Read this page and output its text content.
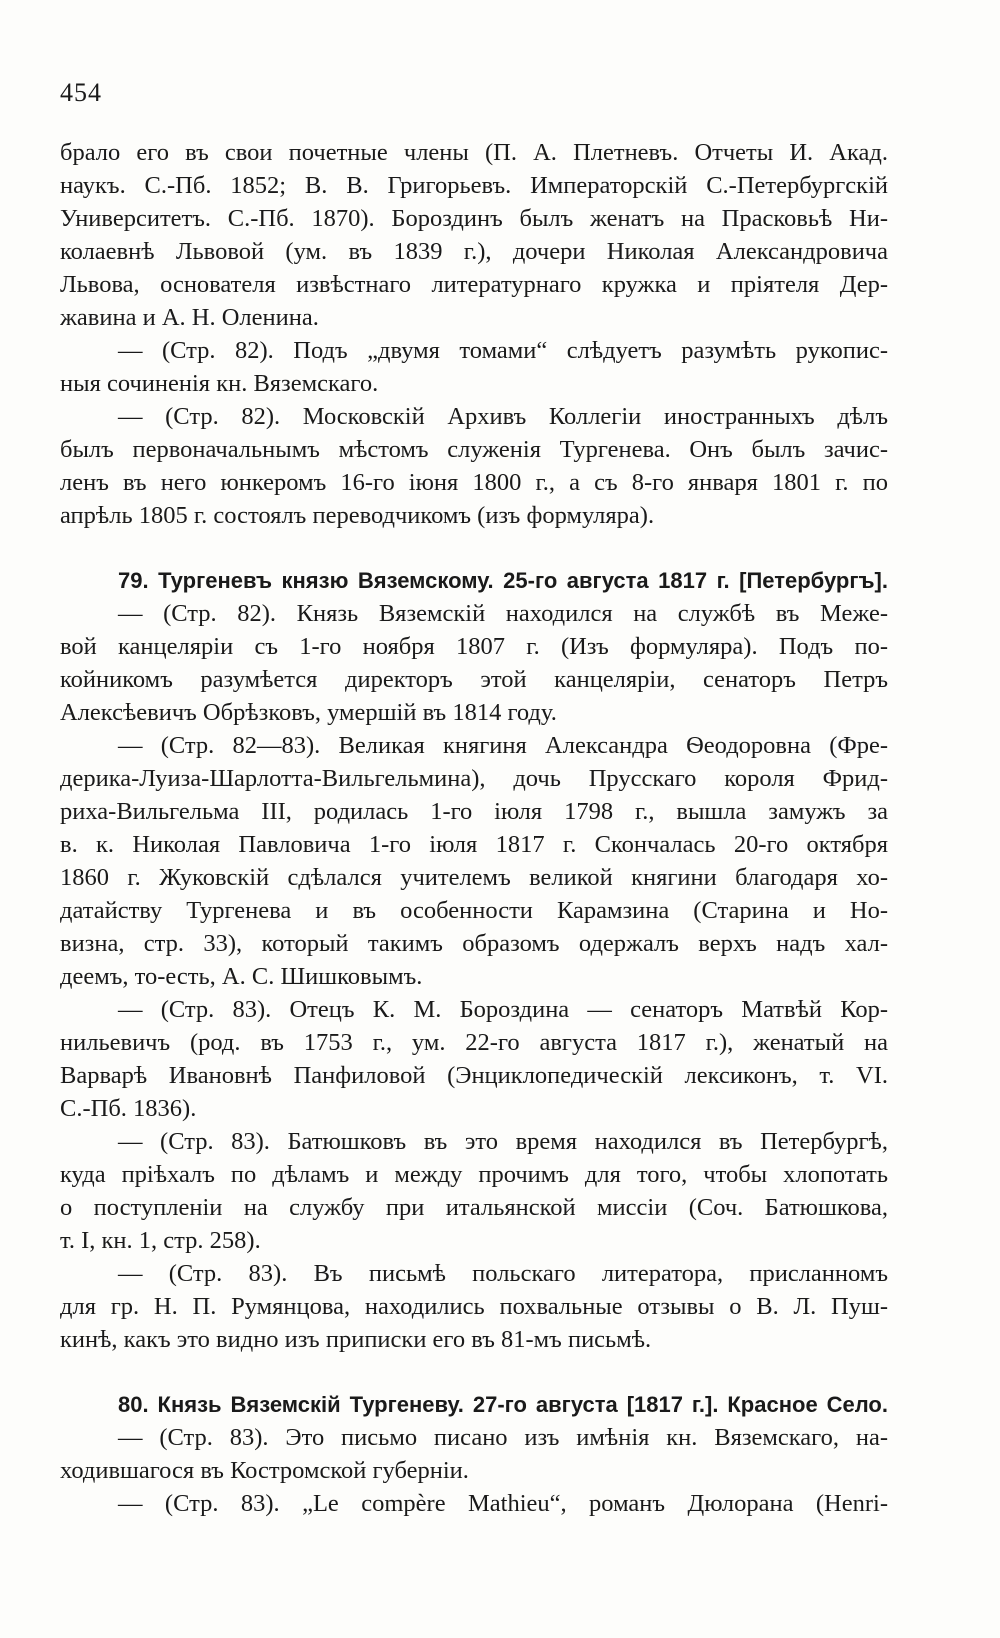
454
брало его въ свои почетные члены (П. А. Плетневъ. Отчеты И. Акад.
наукъ. С.-Пб. 1852; В. В. Григорьевъ. Императорскiй С.-Петербургскiй
Университетъ. С.-Пб. 1870). Бороздинъ былъ женатъ на Прасковьѣ Ни-
колаевнѣ Львовой (ум. въ 1839 г.), дочери Николая Александровича
Львова, основателя извѣстнаго литературнаго кружка и прiятеля Дер-
жавина и А. Н. Оленина.
— (Стр. 82). Подъ „двумя томами“ слѣдуетъ разумѣть рукопис-
ныя сочиненiя кн. Вяземскаго.
— (Стр. 82). Московскiй Архивъ Коллегiи иностранныхъ дѣлъ
былъ первоначальнымъ мѣстомъ служенiя Тургенева. Онъ былъ зачис-
ленъ въ него юнкеромъ 16-го iюня 1800 г., а съ 8-го января 1801 г. по
апрѣль 1805 г. состоялъ переводчикомъ (изъ формуляра).
79. Тургеневъ князю Вяземскому. 25-го августа 1817 г. [Петербургъ].
— (Стр. 82). Князь Вяземскiй находился на службѣ въ Меже-
вой канцелярiи съ 1-го ноября 1807 г. (Изъ формуляра). Подъ по-
койникомъ разумѣется директоръ этой канцелярiи, сенаторъ Петръ
Алексѣевичъ Обрѣзковъ, умершiй въ 1814 году.
— (Стр. 82—83). Великая княгиня Александра Ѳеодоровна (Фре-
дерика-Луиза-Шарлотта-Вильгельмина), дочь Прусскаго короля Фрид-
риха-Вильгельма III, родилась 1-го iюля 1798 г., вышла замужъ за
в. к. Николая Павловича 1-го iюля 1817 г. Скончалась 20-го октября
1860 г. Жуковскiй сдѣлался учителемъ великой княгини благодаря хо-
датайству Тургенева и въ особенности Карамзина (Старина и Но-
визна, стр. 33), который такимъ образомъ одержалъ верхъ надъ хал-
деемъ, то-есть, А. С. Шишковымъ.
— (Стр. 83). Отецъ К. М. Бороздина — сенаторъ Матвѣй Кор-
нильевичъ (род. въ 1753 г., ум. 22-го августа 1817 г.), женатый на
Варварѣ Ивановнѣ Панфиловой (Энциклопедическiй лексиконъ, т. VI.
С.-Пб. 1836).
— (Стр. 83). Батюшковъ въ это время находился въ Петербургѣ,
куда прiѣхалъ по дѣламъ и между прочимъ для того, чтобы хлопотать
о поступленiи на службу при итальянской миссiи (Соч. Батюшкова,
т. I, кн. 1, стр. 258).
— (Стр. 83). Въ письмѣ польскаго литератора, присланномъ
для гр. Н. П. Румянцова, находились похвальные отзывы о В. Л. Пуш-
кинѣ, какъ это видно изъ приписки его въ 81-мъ письмѣ.
80. Князь Вяземскiй Тургеневу. 27-го августа [1817 г.]. Красное Село.
— (Стр. 83). Это письмо писано изъ имѣнiя кн. Вяземскаго, на-
ходившагося въ Костромской губернiи.
— (Стр. 83). „Le compère Mathieu“, романъ Дюлорана (Henri-
